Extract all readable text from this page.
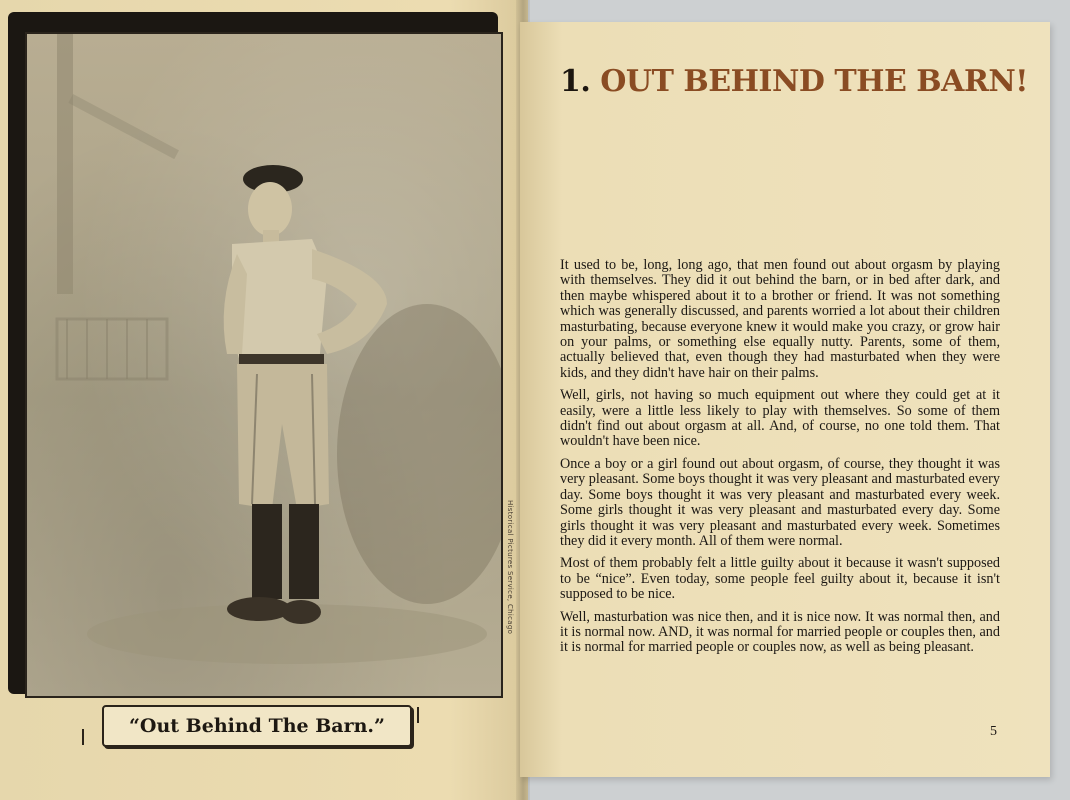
Historical Pictures Service, Chicago
“Out Behind The Barn.”
1. OUT BEHIND THE BARN!

It used to be, long, long ago, that men found out about orgasm by playing with themselves. They did it out behind the barn, or in bed after dark, and then maybe whispered about it to a brother or friend. It was not something which was generally discussed, and parents worried a lot about their children masturbating, because everyone knew it would make you crazy, or grow hair on your palms, or something else equally nutty. Parents, some of them, actually believed that, even though they had masturbated when they were kids, and they didn't have hair on their palms.

Well, girls, not having so much equipment out where they could get at it easily, were a little less likely to play with themselves. So some of them didn't find out about orgasm at all. And, of course, no one told them. That wouldn't have been nice.

Once a boy or a girl found out about orgasm, of course, they thought it was very pleasant. Some boys thought it was very pleasant and masturbated every day. Some boys thought it was very pleasant and masturbated every week. Some girls thought it was very pleasant and masturbated every day. Some girls thought it was very pleasant and masturbated every week. Sometimes they did it every month. All of them were normal.

Most of them probably felt a little guilty about it because it wasn't supposed to be “nice”. Even today, some people feel guilty about it, because it isn't supposed to be nice.

Well, masturbation was nice then, and it is nice now. It was normal then, and it is normal now. AND, it was normal for married people or couples then, and it is normal for married people or couples now, as well as being pleasant.

5
